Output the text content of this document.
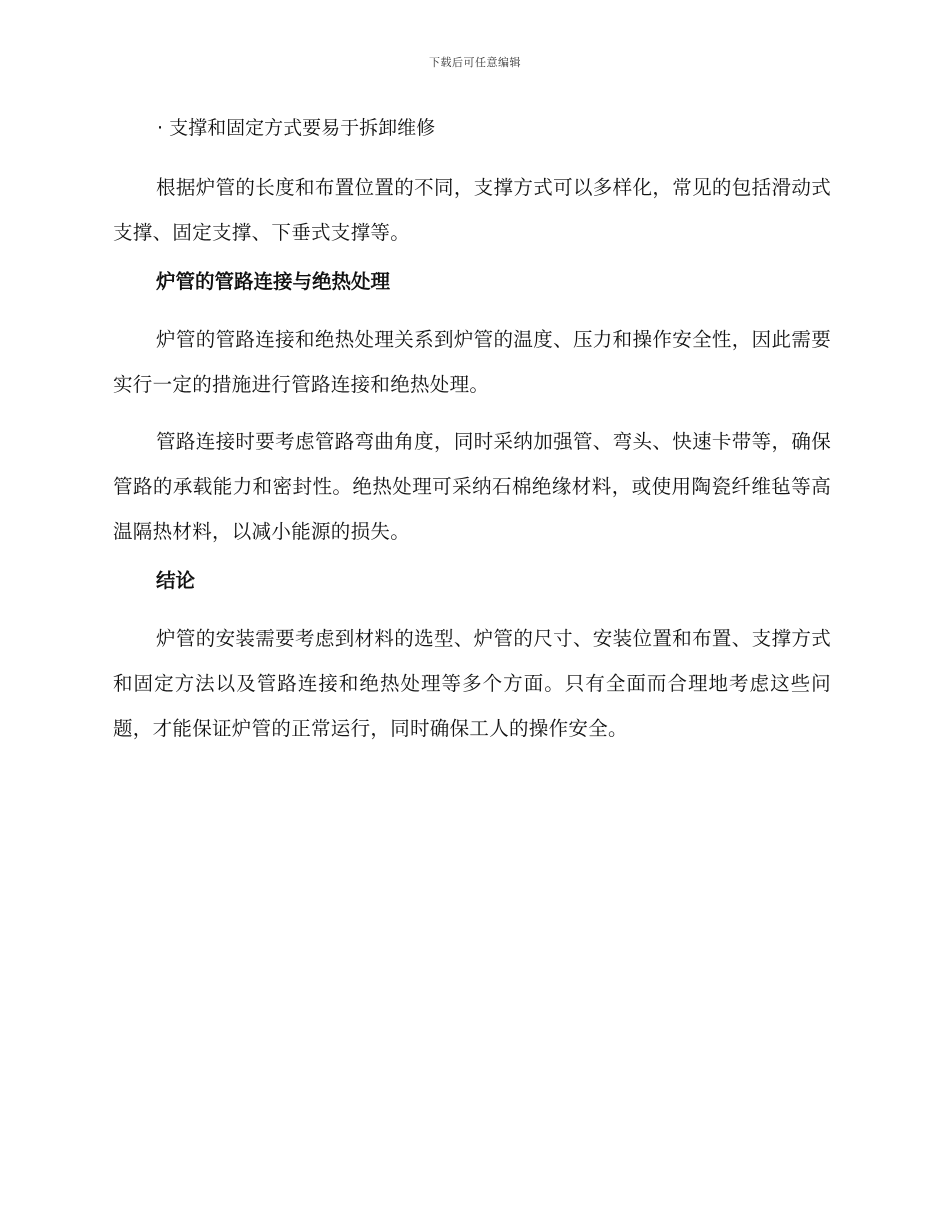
下载后可任意编辑
· 支撑和固定方式要易于拆卸维修

根据炉管的长度和布置位置的不同，支撑方式可以多样化，常见的包括滑动式支撑、固定支撑、下垂式支撑等。

炉管的管路连接与绝热处理

炉管的管路连接和绝热处理关系到炉管的温度、压力和操作安全性，因此需要实行一定的措施进行管路连接和绝热处理。

管路连接时要考虑管路弯曲角度，同时采纳加强管、弯头、快速卡带等，确保管路的承载能力和密封性。绝热处理可采纳石棉绝缘材料，或使用陶瓷纤维毡等高温隔热材料，以减小能源的损失。

结论

炉管的安装需要考虑到材料的选型、炉管的尺寸、安装位置和布置、支撑方式和固定方法以及管路连接和绝热处理等多个方面。只有全面而合理地考虑这些问题，才能保证炉管的正常运行，同时确保工人的操作安全。
